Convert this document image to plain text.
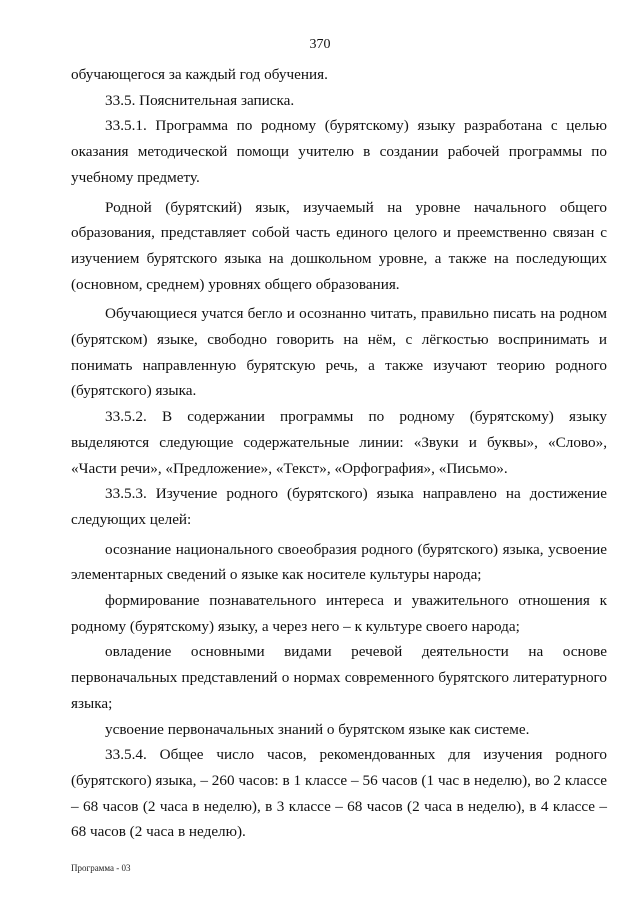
370

обучающегося за каждый год обучения.

33.5. Пояснительная записка.

33.5.1. Программа по родному (бурятскому) языку разработана с целью оказания методической помощи учителю в создании рабочей программы по учебному предмету.

Родной (бурятский) язык, изучаемый на уровне начального общего образования, представляет собой часть единого целого и преемственно связан с изучением бурятского языка на дошкольном уровне, а также на последующих (основном, среднем) уровнях общего образования.

Обучающиеся учатся бегло и осознанно читать, правильно писать на родном (бурятском) языке, свободно говорить на нём, с лёгкостью воспринимать и понимать направленную бурятскую речь, а также изучают теорию родного (бурятского) языка.

33.5.2. В содержании программы по родному (бурятскому) языку выделяются следующие содержательные линии: «Звуки и буквы», «Слово», «Части речи», «Предложение», «Текст», «Орфография», «Письмо».

33.5.3. Изучение родного (бурятского) языка направлено на достижение следующих целей:

осознание национального своеобразия родного (бурятского) языка, усвоение элементарных сведений о языке как носителе культуры народа;

формирование познавательного интереса и уважительного отношения к родному (бурятскому) языку, а через него – к культуре своего народа;

овладение основными видами речевой деятельности на основе первоначальных представлений о нормах современного бурятского литературного языка;

усвоение первоначальных знаний о бурятском языке как системе.

33.5.4. Общее число часов, рекомендованных для изучения родного (бурятского) языка, – 260 часов: в 1 классе – 56 часов (1 час в неделю), во 2 классе – 68 часов (2 часа в неделю), в 3 классе – 68 часов (2 часа в неделю), в 4 классе – 68 часов (2 часа в неделю).

Программа - 03
